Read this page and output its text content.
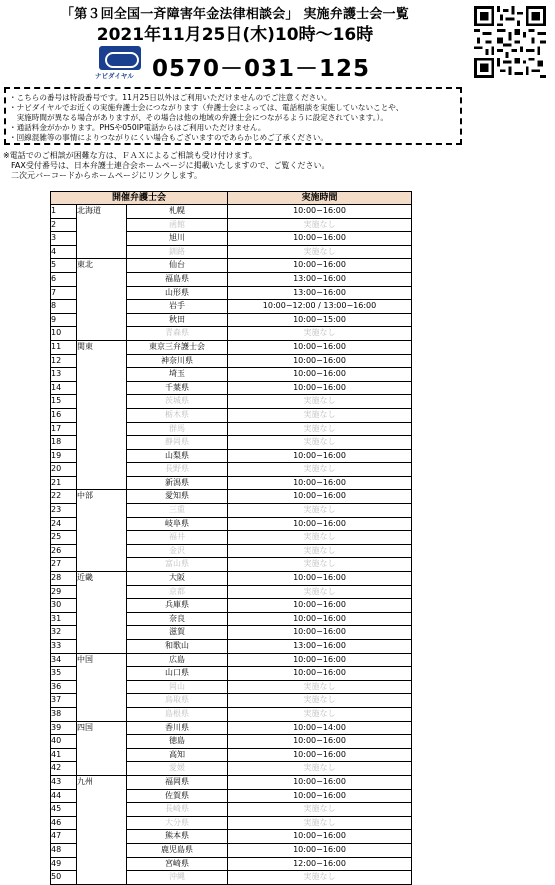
「第３回全国一斉障害年金法律相談会」 実施弁護士会一覧
2021年11月25日(木)10時〜16時
ナビダイヤル 0570－031－125

・こちらの番号は特設番号です。11月25日以外はご利用いただけませんのでご注意ください。

・ナビダイヤルでお近くの実施弁護士会につながります（弁護士会によっては、電話相談を実施していないことや、

　実施時間が異なる場合がありますが、その場合は他の地域の弁護士会につながるように設定されています。）。

・通話料金がかかります。PHSや050IP電話からはご利用いただけません。

・回線混雑等の事情によりつながりにくい場合もございますのであらかじめご了承ください。

※電話でのご相談が困難な方は、ＦＡＸによるご相談も受け付けます。

　FAX受付番号は、日本弁護士連合会ホームページに掲載いたしますので、ご覧ください。

　二次元バーコードからホームページにリンクします。

開催弁護士会			実施時間
1	北海道	札幌	10:00−16:00
2		函館	実施なし
3		旭川	10:00−16:00
4		釧路	実施なし
5	東北	仙台	10:00−16:00
6		福島県	13:00−16:00
7		山形県	13:00−16:00
8		岩手	10:00−12:00 / 13:00−16:00
9		秋田	10:00−15:00
10		青森県	実施なし
11	関東	東京三弁護士会	10:00−16:00
12		神奈川県	10:00−16:00
13		埼玉	10:00−16:00
14		千葉県	10:00−16:00
15		茨城県	実施なし
16		栃木県	実施なし
17		群馬	実施なし
18		静岡県	実施なし
19		山梨県	10:00−16:00
20		長野県	実施なし
21		新潟県	10:00−16:00
22	中部	愛知県	10:00−16:00
23		三重	実施なし
24		岐阜県	10:00−16:00
25		福井	実施なし
26		金沢	実施なし
27		富山県	実施なし
28	近畿	大阪	10:00−16:00
29		京都	実施なし
30		兵庫県	10:00−16:00
31		奈良	10:00−16:00
32		滋賀	10:00−16:00
33		和歌山	13:00−16:00
34	中国	広島	10:00−16:00
35		山口県	10:00−16:00
36		岡山	実施なし
37		鳥取県	実施なし
38		島根県	実施なし
39	四国	香川県	10:00−14:00
40		徳島	10:00−16:00
41		高知	10:00−16:00
42		愛媛	実施なし
43	九州	福岡県	10:00−16:00
44		佐賀県	10:00−16:00
45		長崎県	実施なし
46		大分県	実施なし
47		熊本県	10:00−16:00
48		鹿児島県	10:00−16:00
49		宮崎県	12:00−16:00
50		沖縄	実施なし
